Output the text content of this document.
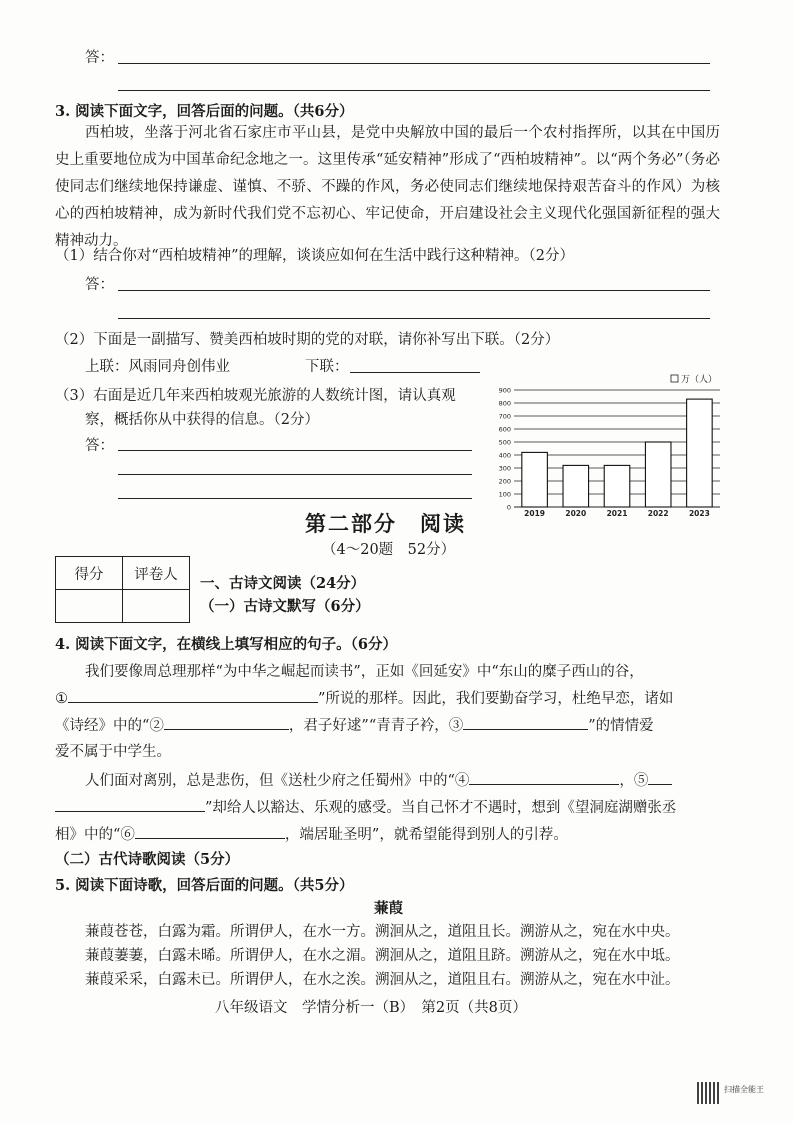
答：
3. 阅读下面文字，回答后面的问题。（共6分）
西柏坡，坐落于河北省石家庄市平山县，是党中央解放中国的最后一个农村指挥所，以其在中国历史上重要地位成为中国革命纪念地之一。这里传承“延安精神”形成了“西柏坡精神”。以“两个务必”（务必使同志们继续地保持谦虚、谨慎、不骄、不躁的作风，务必使同志们继续地保持艰苦奋斗的作风）为核心的西柏坡精神，成为新时代我们党不忘初心、牢记使命，开启建设社会主义现代化强国新征程的强大精神动力。
（1）结合你对“西柏坡精神”的理解，谈谈应如何在生活中践行这种精神。（2分）
答：
（2）下面是一副描写、赞美西柏坡时期的党的对联，请你补写出下联。（2分）
上联：风雨同舟创伟业	下联：
（3）右面是近几年来西柏坡观光旅游的人数统计图，请认真观
察，概括你从中获得的信息。（2分）
答：
0
100
200
300
400
500
600
700
800
900
2019	2020	2021	2022	2023
万（人）
第二部分　阅读
（4～20题　52分）
得分	评卷人

一、古诗文阅读（24分）
（一）古诗文默写（6分）
4. 阅读下面文字，在横线上填写相应的句子。（6分）
我们要像周总理那样“为中华之崛起而读书”，正如《回延安》中“东山的糜子西山的谷，
①	”所说的那样。因此，我们要勤奋学习，杜绝早恋，诸如
《诗经》中的“②	，君子好逑”“青青子衿，③	”的情情爱
爱不属于中学生。
人们面对离别，总是悲伤，但《送杜少府之任蜀州》中的“④	，⑤
”却给人以豁达、乐观的感受。当自己怀才不遇时，想到《望洞庭湖赠张丞
相》中的“⑥	，端居耻圣明”，就希望能得到别人的引荐。
（二）古代诗歌阅读（5分）
5. 阅读下面诗歌，回答后面的问题。（共5分）
蒹葭
蒹葭苍苍，白露为霜。所谓伊人，在水一方。溯洄从之，道阻且长。溯游从之，宛在水中央。
蒹葭萋萋，白露未晞。所谓伊人，在水之湄。溯洄从之，道阻且跻。溯游从之，宛在水中坻。
蒹葭采采，白露未已。所谓伊人，在水之涘。溯洄从之，道阻且右。溯游从之，宛在水中沚。
八年级语文　学情分析一（B）　第2页（共8页）
扫描全能王
